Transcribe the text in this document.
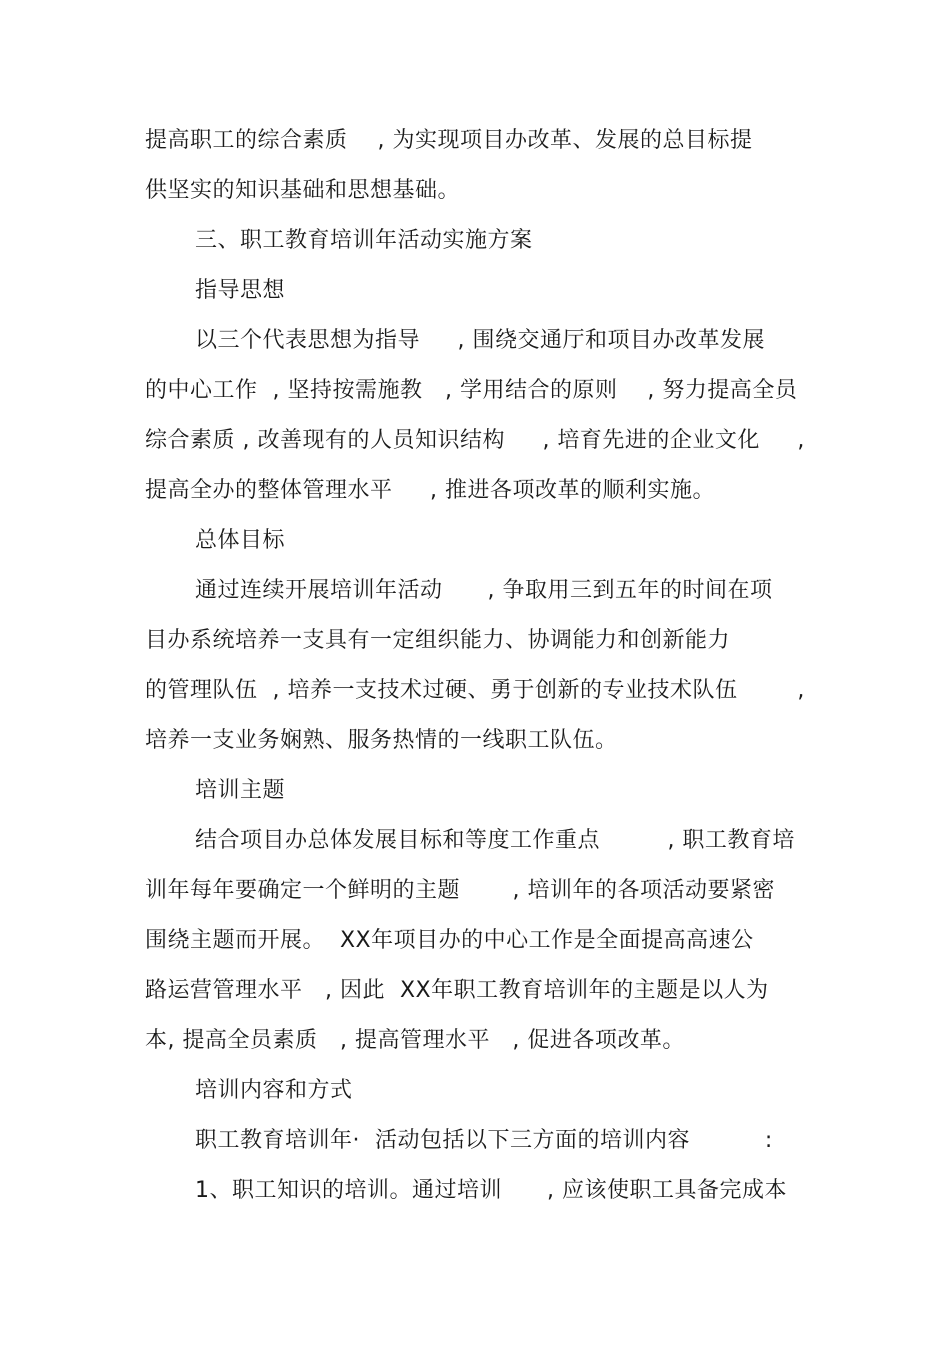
提高职工的综合素质    , 为实现项目办改革、发展的总目标提
供坚实的知识基础和思想基础。
三、职工教育培训年活动实施方案
指导思想
以三个代表思想为指导     , 围绕交通厅和项目办改革发展
的中心工作  , 坚持按需施教   , 学用结合的原则    , 努力提高全员
综合素质 , 改善现有的人员知识结构     , 培育先进的企业文化     ,
提高全办的整体管理水平     , 推进各项改革的顺利实施。
总体目标
通过连续开展培训年活动      , 争取用三到五年的时间在项
目办系统培养一支具有一定组织能力、协调能力和创新能力
的管理队伍  , 培养一支技术过硬、勇于创新的专业技术队伍        ,
培养一支业务娴熟、服务热情的一线职工队伍。
培训主题
结合项目办总体发展目标和等度工作重点         , 职工教育培
训年每年要确定一个鲜明的主题       , 培训年的各项活动要紧密
围绕主题而开展。  XX年项目办的中心工作是全面提高高速公
路运营管理水平   , 因此  XX年职工教育培训年的主题是以人为
本, 提高全员素质   , 提高管理水平   , 促进各项改革。
培训内容和方式
职工教育培训年·  活动包括以下三方面的培训内容          :
1、职工知识的培训。通过培训      , 应该使职工具备完成本
